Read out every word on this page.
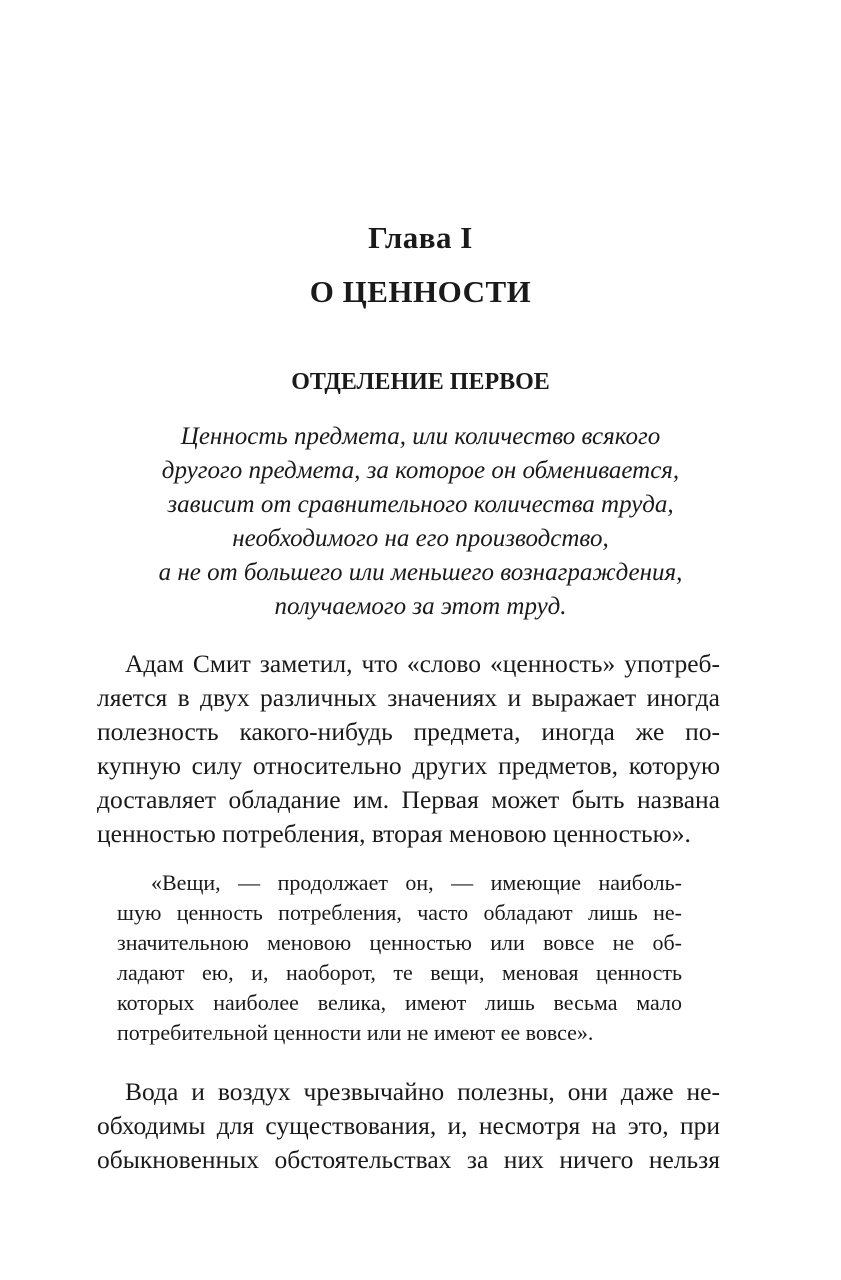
Глава I
О ЦЕННОСТИ
ОТДЕЛЕНИЕ ПЕРВОЕ
Ценность предмета, или количество всякого
другого предмета, за которое он обменивается,
зависит от сравнительного количества труда,
необходимого на его производство,
а не от большего или меньшего вознаграждения,
получаемого за этот труд.
Адам Смит заметил, что «слово «ценность» употреб-
ляется в двух различных значениях и выражает иногда
полезность какого-нибудь предмета, иногда же по-
купную силу относительно других предметов, которую
доставляет обладание им. Первая может быть названа
ценностью потребления, вторая меновою ценностью».
«Вещи, — продолжает он, — имеющие наиболь-
шую ценность потребления, часто обладают лишь не-
значительною меновою ценностью или вовсе не об-
ладают ею, и, наоборот, те вещи, меновая ценность
которых наиболее велика, имеют лишь весьма мало
потребительной ценности или не имеют ее вовсе».
Вода и воздух чрезвычайно полезны, они даже не-
обходимы для существования, и, несмотря на это, при
обыкновенных обстоятельствах за них ничего нельзя
